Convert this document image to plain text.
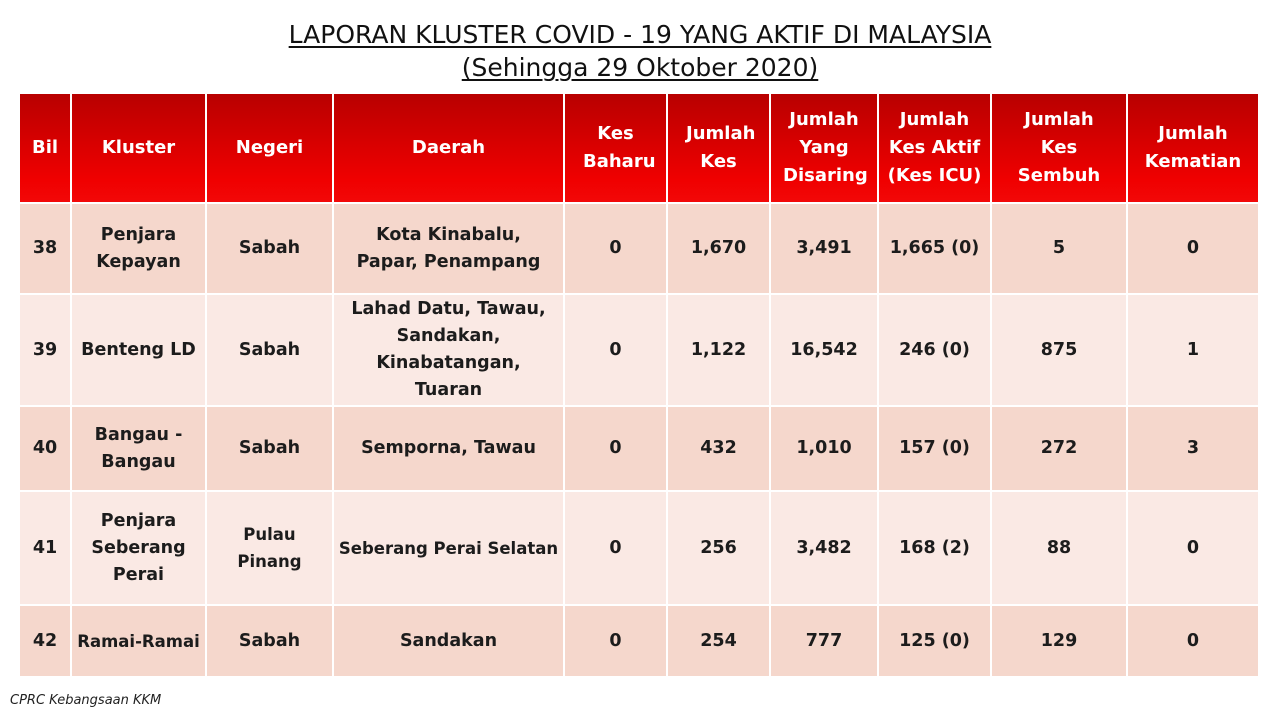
LAPORAN KLUSTER COVID - 19 YANG AKTIF DI MALAYSIA
(Sehingga 29 Oktober 2020)
Bil	Kluster	Negeri	Daerah	Kes Baharu	Jumlah Kes	Jumlah Yang Disaring	Jumlah Kes Aktif (Kes ICU)	Jumlah Kes Sembuh	Jumlah Kematian
38	Penjara Kepayan	Sabah	Kota Kinabalu, Papar, Penampang	0	1,670	3,491	1,665 (0)	5	0
39	Benteng LD	Sabah	Lahad Datu, Tawau, Sandakan, Kinabatangan, Tuaran	0	1,122	16,542	246 (0)	875	1
40	Bangau - Bangau	Sabah	Semporna, Tawau	0	432	1,010	157 (0)	272	3
41	Penjara Seberang Perai	Pulau Pinang	Seberang Perai Selatan	0	256	3,482	168 (2)	88	0
42	Ramai-Ramai	Sabah	Sandakan	0	254	777	125 (0)	129	0
CPRC Kebangsaan KKM
